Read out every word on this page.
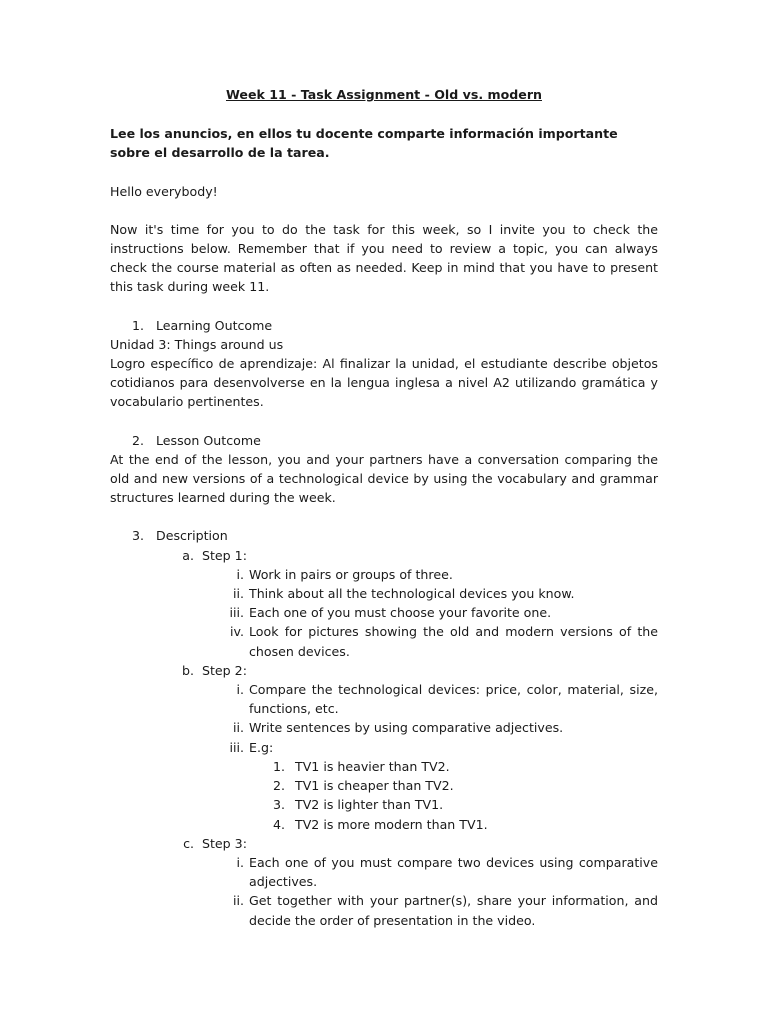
Week 11 - Task Assignment - Old vs. modern

Lee los anuncios, en ellos tu docente comparte información importante sobre el desarrollo de la tarea.

Hello everybody!

Now it's time for you to do the task for this week, so I invite you to check the instructions below. Remember that if you need to review a topic, you can always check the course material as often as needed. Keep in mind that you have to present this task during week 11.

1. Learning Outcome

Unidad 3: Things around us

Logro específico de aprendizaje: Al finalizar la unidad, el estudiante describe objetos cotidianos para desenvolverse en la lengua inglesa a nivel A2 utilizando gramática y vocabulario pertinentes.

2. Lesson Outcome

At the end of the lesson, you and your partners have a conversation comparing the old and new versions of a technological device by using the vocabulary and grammar structures learned during the week.

3. Description
a. Step 1:
i. Work in pairs or groups of three.
ii. Think about all the technological devices you know.
iii. Each one of you must choose your favorite one.
iv. Look for pictures showing the old and modern versions of the chosen devices.
b. Step 2:
i. Compare the technological devices: price, color, material, size, functions, etc.
ii. Write sentences by using comparative adjectives.
iii. E.g:
1. TV1 is heavier than TV2.
2. TV1 is cheaper than TV2.
3. TV2 is lighter than TV1.
4. TV2 is more modern than TV1.
c. Step 3:
i. Each one of you must compare two devices using comparative adjectives.
ii. Get together with your partner(s), share your information, and decide the order of presentation in the video.
